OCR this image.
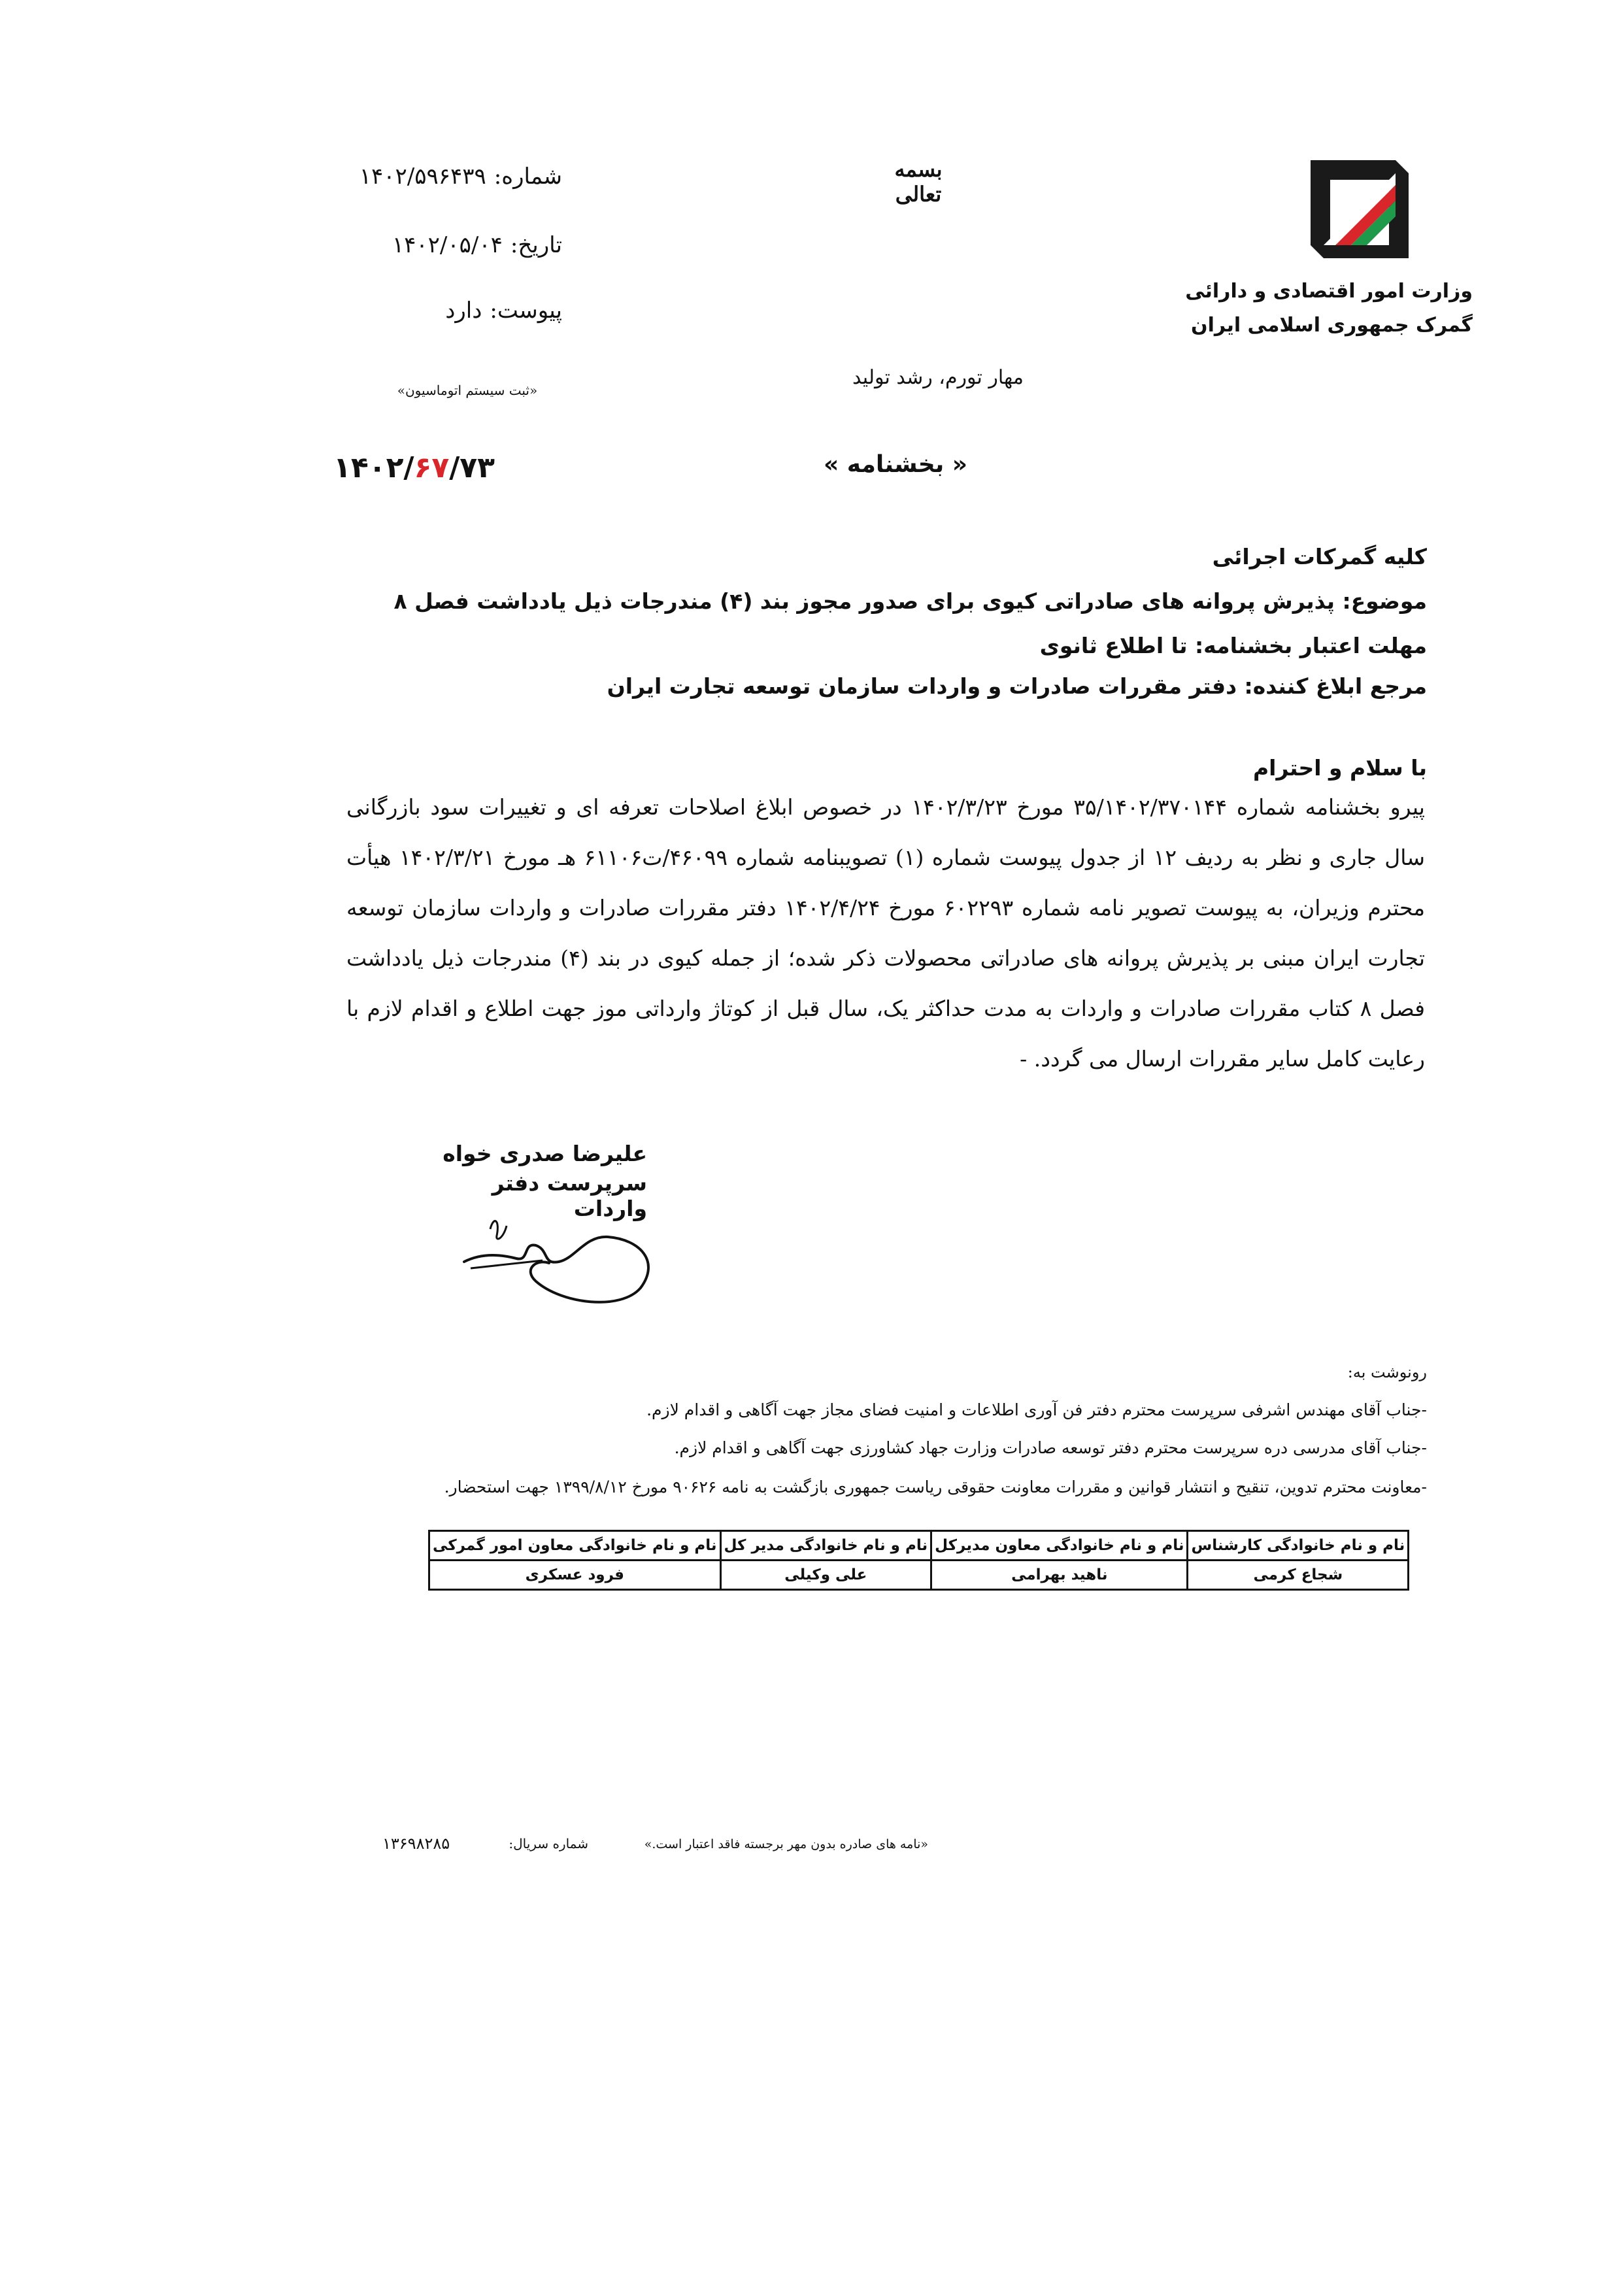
وزارت امور اقتصادی و دارائی
گمرک جمهوری اسلامی ایران
بسمه تعالی
مهار تورم، رشد تولید
شماره:۱۴۰۲/۵۹۶۴۳۹
تاریخ:۱۴۰۲/۰۵/۰۴
پیوست:دارد
«ثبت سیستم اتوماسیون»
« بخشنامه »
۱۴۰۲/۶۷/۷۳
کلیه گمرکات اجرائی
موضوع: پذیرش پروانه های صادراتی کیوی برای صدور مجوز بند (۴) مندرجات ذیل یادداشت فصل ۸
مهلت اعتبار بخشنامه: تا اطلاع ثانوی
مرجع ابلاغ کننده: دفتر مقررات صادرات و واردات سازمان توسعه تجارت ایران
با سلام و احترام
پیرو بخشنامه شماره ۳۵/۱۴۰۲/۳۷۰۱۴۴ مورخ ۱۴۰۲/۳/۲۳ در خصوص ابلاغ اصلاحات تعرفه ای و تغییرات سود بازرگانی
سال جاری و نظر به ردیف ۱۲ از جدول پیوست شماره (۱) تصویبنامه شماره ۴۶۰۹۹/ت۶۱۱۰۶ هـ مورخ ۱۴۰۲/۳/۲۱ هیأت
محترم وزیران، به پیوست تصویر نامه شماره ۶۰۲۲۹۳ مورخ ۱۴۰۲/۴/۲۴ دفتر مقررات صادرات و واردات سازمان توسعه
تجارت ایران مبنی بر پذیرش پروانه های صادراتی محصولات ذکر شده؛ از جمله کیوی در بند (۴) مندرجات ذیل یادداشت
فصل ۸ کتاب مقررات صادرات و واردات به مدت حداکثر یک، سال قبل از کوتاژ وارداتی موز جهت اطلاع و اقدام لازم با
رعایت کامل سایر مقررات ارسال می گردد. -
علیرضا صدری خواه
سرپرست دفتر واردات
رونوشت به:
-جناب آقای مهندس اشرفی سرپرست محترم دفتر فن آوری اطلاعات و امنیت فضای مجاز جهت آگاهی و اقدام لازم.
-جناب آقای مدرسی دره سرپرست محترم دفتر توسعه صادرات وزارت جهاد کشاورزی جهت آگاهی و اقدام لازم.
-معاونت محترم تدوین، تنقیح و انتشار قوانین و مقررات معاونت حقوقی ریاست جمهوری بازگشت به نامه ۹۰۶۲۶ مورخ ۱۳۹۹/۸/۱۲ جهت استحضار.
نام و نام خانوادگی کارشناس	نام و نام خانوادگی معاون مدیرکل	نام و نام خانوادگی مدیر کل	نام و نام خانوادگی معاون امور گمرکی
شجاع کرمی	ناهید بهرامی	علی وکیلی	فرود عسکری
«نامه های صادره بدون مهر برجسته فاقد اعتبار است.»
شماره سریال:
۱۳۶۹۸۲۸۵
